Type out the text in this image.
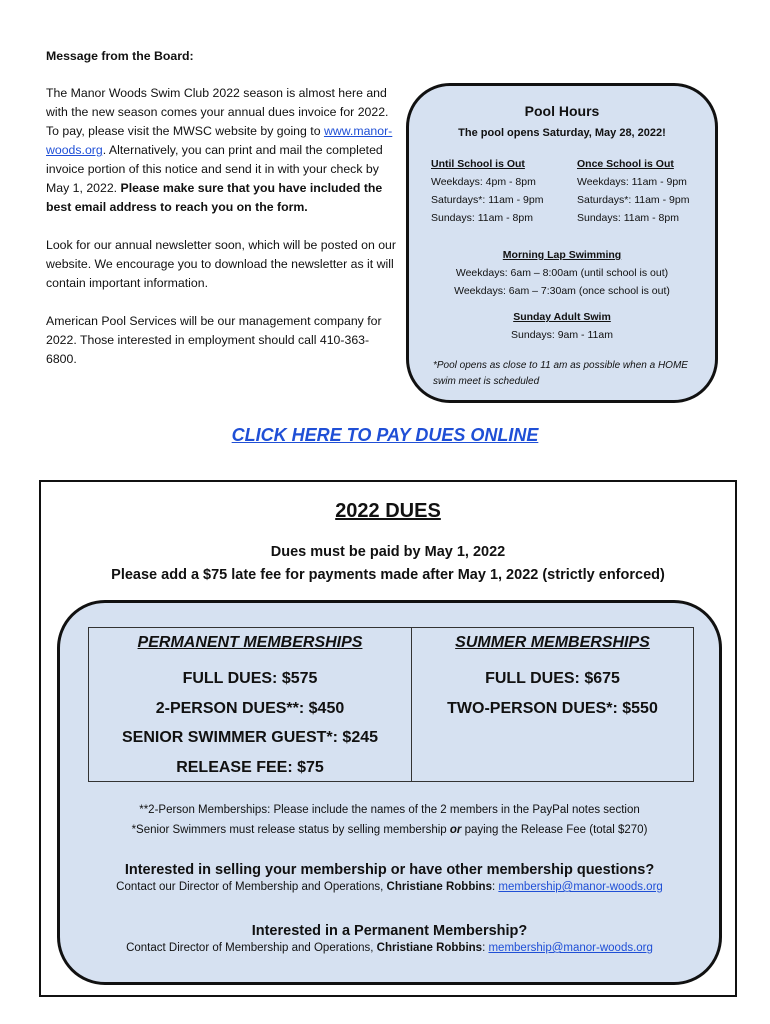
Message from the Board:

The Manor Woods Swim Club 2022 season is almost here and with the new season comes your annual dues invoice for 2022. To pay, please visit the MWSC website by going to www.manor-woods.org. Alternatively, you can print and mail the completed invoice portion of this notice and send it in with your check by May 1, 2022. Please make sure that you have included the best email address to reach you on the form.

Look for our annual newsletter soon, which will be posted on our website. We encourage you to download the newsletter as it will contain important information.

American Pool Services will be our management company for 2022. Those interested in employment should call 410-363-6800.

Pool Hours
The pool opens Saturday, May 28, 2022!
Until School is Out
Weekdays: 4pm - 8pm
Saturdays*: 11am - 9pm
Sundays: 11am - 8pm
Once School is Out
Weekdays: 11am - 9pm
Saturdays*: 11am - 9pm
Sundays: 11am - 8pm
Morning Lap Swimming
Weekdays: 6am – 8:00am (until school is out)
Weekdays: 6am – 7:30am (once school is out)
Sunday Adult Swim
Sundays: 9am - 11am
*Pool opens as close to 11 am as possible when a HOME swim meet is scheduled
CLICK HERE TO PAY DUES ONLINE
2022 DUES
Dues must be paid by May 1, 2022
Please add a $75 late fee for payments made after May 1, 2022 (strictly enforced)
PERMANENT MEMBERSHIPS
FULL DUES: $575
2-PERSON DUES**: $450
SENIOR SWIMMER GUEST*: $245
RELEASE FEE: $75
SUMMER MEMBERSHIPS
FULL DUES: $675
TWO-PERSON DUES*: $550
**2-Person Memberships: Please include the names of the 2 members in the PayPal notes section
*Senior Swimmers must release status by selling membership or paying the Release Fee (total $270)
Interested in selling your membership or have other membership questions?
Contact our Director of Membership and Operations, Christiane Robbins: membership@manor-woods.org
Interested in a Permanent Membership?
Contact Director of Membership and Operations, Christiane Robbins: membership@manor-woods.org
